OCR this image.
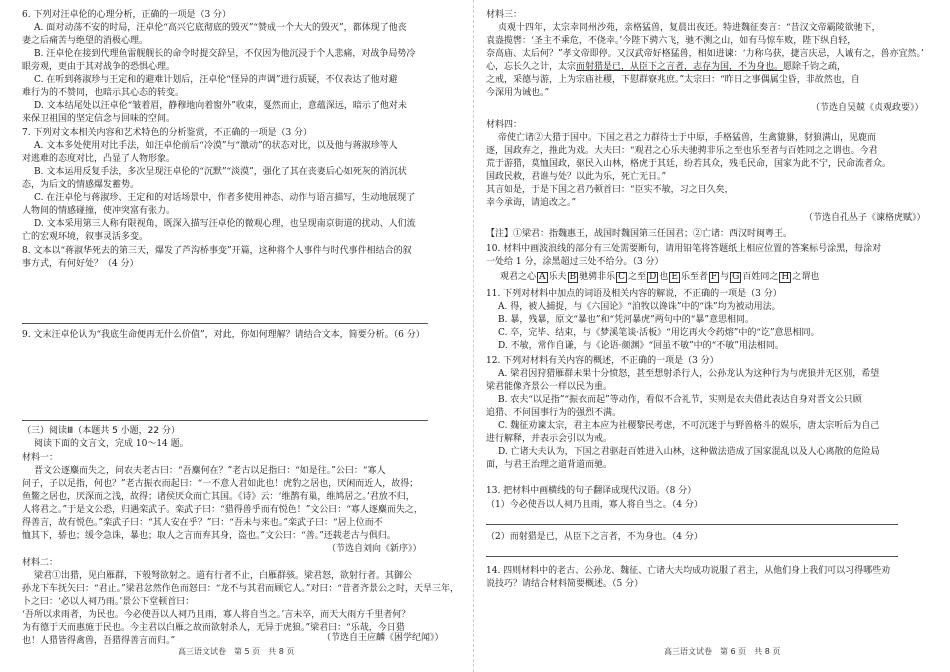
6. 下列对汪卓伦的心理分析，正确的一项是（3 分）
A. 面对动荡不安的时局，汪卓伦“高兴它底彻底的毁灭”“赞成一个大大的毁灭”，都体现了他丧
妻之后痛苦与绝望的消极心理。
B. 汪卓伦在接到代理鱼雷舰舰长的命令时提交辞呈，不仅因为他沉浸于个人悲痛，对战争局势冷
眼旁观，更由于其对战争的恐惧心理。
C. 在听到蒋淑珍与王定和的避难计划后，汪卓伦“怪异的声调”进行质疑，不仅表达了他对避
难行为的不赞同，也暗示其心态的转变。
D. 文本结尾处以汪卓伦“皱着眉，静穆地向着窗外”收束，戛然而止，意蕴深远，暗示了他对未
来保卫祖国的坚定信念与回味的空间。
7. 下列对文本相关内容和艺术特色的分析鉴赏，不正确的一项是（3 分）
A. 文本多处使用对比手法，如汪卓伦前后“冷漠”与“激动”的状态对比，以及他与蒋淑珍等人
对逃难的态度对比，凸显了人物形象。
B. 文本运用反复手法，多次呈现汪卓伦的“沉默”“淡漠”，强化了其在丧妻后心如死灰的消沉状
态，为后文的情感爆发蓄势。
C. 在汪卓伦与蒋淑珍、王定和的对话场景中，作者多使用神态、动作与语言描写，生动地展现了
人物间的情感碰撞，使冲突富有张力。
D. 文本采用第三人称有限视角，既深入描写汪卓伦的微观心理，也呈现南京街道的扰动、人们流
亡的宏观环境，叙事灵活多变。
8. 文本以“蒋淑华死去的第三天，爆发了芦沟桥事变”开篇，这种将个人事件与时代事件相结合的叙
事方式，有何好处？（4 分）
9. 文末汪卓伦认为“我底生命便再无什么价值”，对此，你如何理解？请结合文本，简要分析。（6 分）
（三）阅读Ⅲ（本题共 5 小题，22 分）
阅读下面的文言文，完成 10～14 题。
材料一：
晋文公逐麋而失之，问农夫老古曰：“吾麋何在？”老古以足指曰：“如是往。”公曰：“寡人
问子，子以足指，何也？”老古振衣而起曰：“一不意人君如此也！虎豹之居也，厌闲而近人，故得；
鱼鳖之居也，厌深而之浅，故得；诸侯厌众而亡其国。《诗》云：‘维鹊有巢，维鸠居之。’君放不归，
人将君之。”于是文公恐，归遇栾武子。栾武子曰：“猎得兽乎而有悦色！”文公曰：“寡人逐麋而失之，
得善言，故有悦色。”栾武子曰：“其人安在乎？”曰：“吾未与来也。”栾武子曰：“居上位而不
恤其下，骄也；缓令急诛，暴也；取人之言而弃其身，盗也。”文公曰：“善。”还载老古与俱归。
（节选自刘向《新序》）
材料二：
梁君①出猎，见白雁群，下彀弩欲射之。道有行者不止，白雁群骇。梁君怒，欲射行者。其御公
孙龙下车抚矢曰：“君止。”梁君忿然作色而怒曰：“龙不与其君而顾它人。”对曰：“昔者齐景公之时，天旱三年，
卜之曰：‘必以人祠乃雨。’景公下堂顿首曰：
‘吾所以求雨者，为民也。今必使吾以人祠乃且雨，寡人将自当之。’言未卒，而天大雨方千里者何？
为有德于天而惠施于民也。今主君以白雁之故而欲射杀人，无异于虎狼。”梁君曰：“乐哉，今日猎
也！人猎皆得禽兽，吾猎得善言而归。”	（节选自王应麟《困学纪闻》）
高三语文试卷　第 5 页　共 8 页
材料三：
贞观十四年，太宗幸同州沙苑，亲格猛兽，复晨出夜还。特进魏征奏言：“昔汉文帝霸陵欲驰下，
袁盎揽辔：‘圣主不乘危，不侥幸。’今陛下骋六飞，驰不测之山，如有马惊车败，陛下纵自轻，
奈高庙、太后何？”孝文帝即停。又汉武帝好格猛兽，相如进谏：‘力称乌获，捷言庆忌，人诚有之，兽亦宜然。’
心，忘长久之计，太宗而射猎是已，从臣下之言者，志存为国，不为身也。愿除千钧之疏，
之戒，采德与游，上为宗庙社稷，下慰群寮兆庶。”太宗曰：“昨日之事偶属尘昏，非故然也，自
今深用为诫也。”
（节选自吴兢《贞观政要》）
材料四：
帝使亡诸②大猎于国中。下国之君之力群待士于中原，手格猛兽，生禽貔貅，豺狼满山，见鹿而
逐，国政弃之，推此为戏。大夫曰：“观君之心乐夫驰骋非乐之至也乐至者与百姓同之之谓也。今君
荒于游猎，莫恤国政，驱民入山林，格虎于其廷，纷若其众，残毛民命，国家为此不宁，民命流者众。
国政民救，君谁与处？以此为乐，死亡无日。”
其言如是，于是下国之君乃顿首曰：“臣实不敏，习之日久矣，
幸今承诲，请追改之。”
（节选自孔丛子《谏格虎赋》）
【注】①梁君：指魏惠王，战国时魏国第三任国君；②亡诸：西汉时闽粤王。
10. 材料中画波浪线的部分有三处需要断句，请用铅笔将答题纸上相应位置的答案标号涂黑，每涂对
一处给 1 分，涂黑超过三处不给分。（3 分）
观君之心 A 乐夫 B 驰骋非乐 C 之至 D 也 E 乐至者 F 与 G 百姓同之 H 之谓也
11. 下列对材料中加点的词语及相关内容的解说，不正确的一项是（3 分）
A. 得，被人捕捉，与《六国论》“洎牧以谗诛”中的“诛”均为被动用法。
B. 暴，残暴，原文“暴也”和“凭河暴虎”两句中的“暴”意思相同。
C. 卒，完毕、结束，与《梦溪笔谈·活板》“用讫再火令药熔”中的“讫”意思相同。
D. 不敏，常作自谦，与《论语·颜渊》“回虽不敏”中的“不敏”用法相同。
12. 下列对材料有关内容的概述，不正确的一项是（3 分）
A. 梁君因狩猎雁群未果十分愤怒，甚至想射杀行人，公孙龙认为这种行为与虎狼并无区别，希望
梁君能像齐景公一样以民为重。
B. 农夫“以足指”“振衣而起”等动作，看似不合礼节，实则是农夫借此表达自身对晋文公只顾
追猎、不问国事行为的强烈不满。
C. 魏征劝谏太宗，君主本应为社稷黎民考虑，不可沉迷于与野兽格斗的娱乐，唐太宗听后为自己
进行解释，并表示会引以为戒。
D. 亡诸大夫认为，下国之君驱赶百姓进入山林，这种做法造成了国家混乱以及人心离散的危险局
面，与君王治理之道背道而驰。
13. 把材料中画横线的句子翻译成现代汉语。（8 分）
（1）今必使吾以人祠乃且雨，寡人将自当之。（4 分）
（2）而射猎是已，从臣下之言者，不为身也。（4 分）
14. 四则材料中的老古、公孙龙、魏征、亡诸大夫均成功说服了君主，从他们身上我们可以习得哪些劝
说技巧？请结合材料简要概述。（5 分）
高三语文试卷　第 6 页　共 8 页
